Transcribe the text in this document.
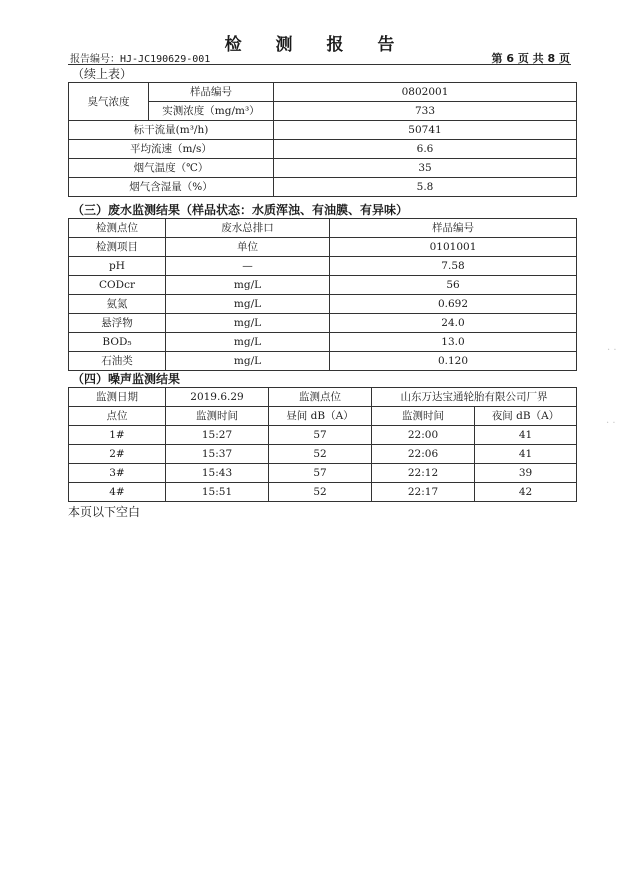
检 测 报 告
报告编号：HJ-JC190629-001	第 6 页 共 8 页
（续上表）
臭气浓度	样品编号	0802001
	实测浓度（mg/m³）	733
标干流量(m³/h)		50741
平均流速（m/s）		6.6
烟气温度（℃）		35
烟气含湿量（%）		5.8
（三）废水监测结果（样品状态：水质浑浊、有油膜、有异味）
检测点位	废水总排口	样品编号
检测项目	单位	0101001
pH	—	7.58
CODcr	mg/L	56
氨氮	mg/L	0.692
悬浮物	mg/L	24.0
BOD₅	mg/L	13.0
石油类	mg/L	0.120
（四）噪声监测结果
监测日期	2019.6.29	监测点位	山东万达宝通轮胎有限公司厂界	
点位	监测时间	昼间 dB（A）	监测时间	夜间 dB（A）
1#	15:27	57	22:00	41
2#	15:37	52	22:06	41
3#	15:43	57	22:12	39
4#	15:51	52	22:17	42
本页以下空白
· ·
· ·
